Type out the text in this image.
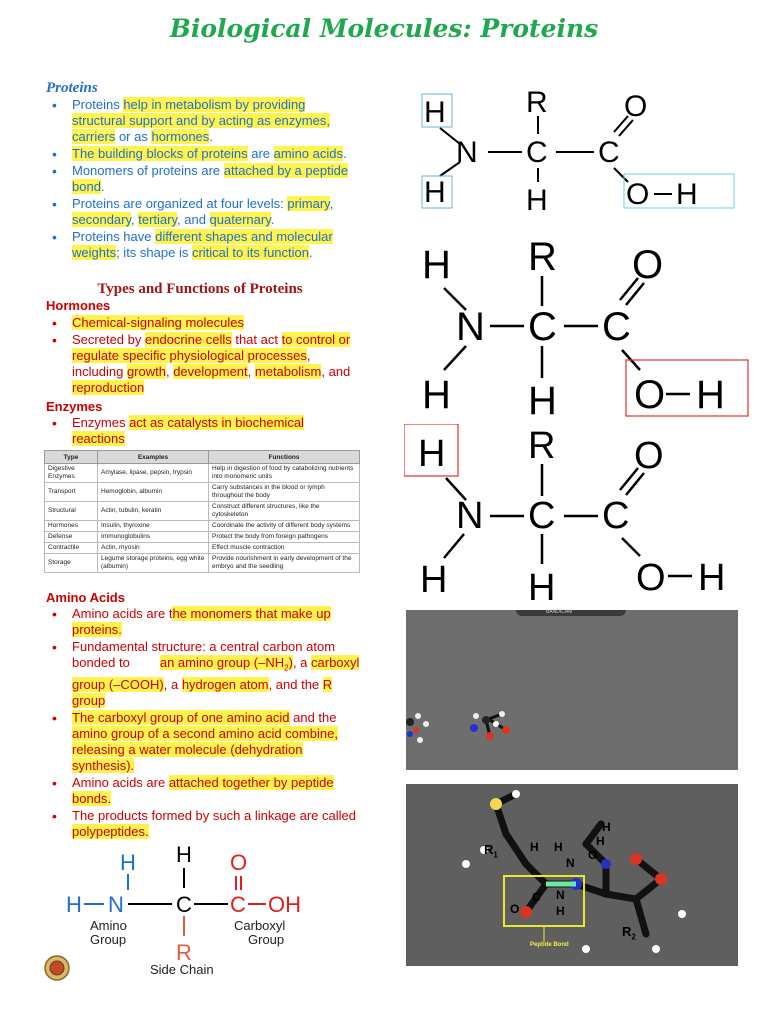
Biological Molecules: Proteins
Proteins
• Proteins help in metabolism by providing structural support and by acting as enzymes, carriers or as hormones.
• The building blocks of proteins are amino acids.
• Monomers of proteins are attached by a peptide bond.
• Proteins are organized at four levels: primary, secondary, tertiary, and quaternary.
• Proteins have different shapes and molecular weights; its shape is critical to its function.
Types and Functions of Proteins
Hormones
• Chemical-signaling molecules
• Secreted by endocrine cells that act to control or regulate specific physiological processes, including growth, development, metabolism, and reproduction
Enzymes
• Enzymes act as catalysts in biochemical reactions
Type	Examples	Functions
Digestive Enzymes	Amylase, lipase, pepsin, trypsin	Help in digestion of food by catabolizing nutrients into monomeric units
Transport	Hemoglobin, albumin	Carry substances in the blood or lymph throughout the body
Structural	Actin, tubulin, keratin	Construct different structures, like the cytoskeleton
Hormones	Insulin, thyroxine	Coordinate the activity of different body systems
Defense	Immunoglobulins	Protect the body from foreign pathogens
Contractile	Actin, myosin	Effect muscle contraction
Storage	Legume storage proteins, egg white (albumin)	Provide nourishment in early development of the embryo and the seedling
Amino Acids
• Amino acids are the monomers that make up proteins.
• Fundamental structure: a central carbon atom bonded to an amino group $(-NH_2)$, a carboxyl group (–COOH), a hydrogen atom, and the R group
• The carboxyl group of one amino acid and the amino group of a second amino acid combine, releasing a water molecule (dehydration synthesis).
• Amino acids are attached together by peptide bonds.
• The products formed by such a linkage are called polypeptides.
H
H N C
H
R
C
O
OH
Amino
Group
Carboxyl
Group
Side Chain
H
N
H
C
R
H
C
O
O H
H
N
H
C
R
H
C
O
O H
H
N
H
C
R
H
C
O
O H
BANDICAM
$R_1$
$R_2$
Peptide Bond
H H	H
H
N
N
C
O
O
H
